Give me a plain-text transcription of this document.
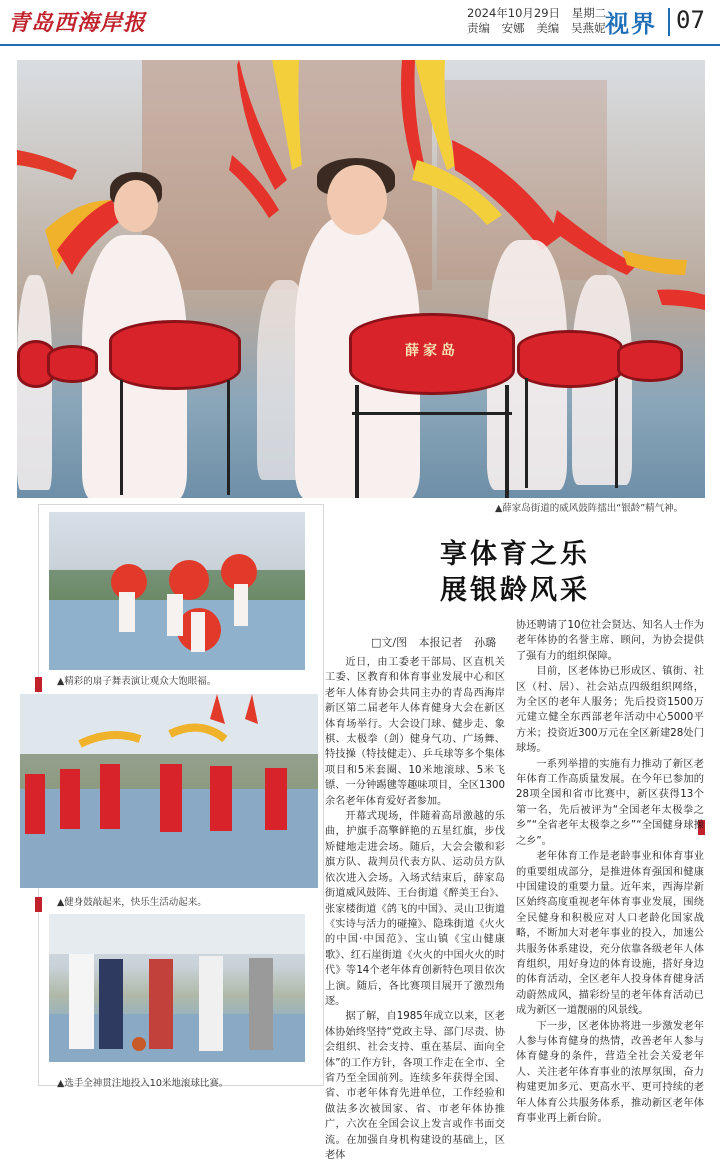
青岛西海岸报	2024年10月29日 星期二
责编 安娜 美编 吴燕妮 视界 07
薛家岛
▲薛家岛街道的威风鼓阵擂出“银龄”精气神。
▲精彩的扇子舞表演让观众大饱眼福。
▲健身鼓敲起来，快乐生活动起来。
▲选手全神贯注地投入10米地滚球比赛。
享体育之乐
展银龄风采
□文/图 本报记者 孙璐

近日，由工委老干部局、区直机关工委、区教育和体育事业发展中心和区老年人体育协会共同主办的青岛西海岸新区第二届老年人体育健身大会在新区体育场举行。大会设门球、健步走、象棋、太极拳（剑）健身气功、广场舞、特技操（特技健走）、乒乓球等多个集体项目和5米套圈、10米地滚球、5米飞镖、一分钟踢毽等趣味项目，全区1300余名老年体育爱好者参加。

开幕式现场，伴随着高昂激越的乐曲，护旗手高擎鲜艳的五星红旗，步伐矫健地走进会场。随后，大会会徽和彩旗方队、裁判员代表方队、运动员方队依次进入会场。入场式结束后，薛家岛街道威风鼓阵、王台街道《醉美王台》、张家楼街道《鸽飞的中国》、灵山卫街道《实诗与活力的碰撞》、隐珠街道《火火的中国·中国范》、宝山镇《宝山健康歌》、红石崖街道《火火的中国火火的时代》等14个老年体育创新特色项目依次上演。随后，各比赛项目展开了激烈角逐。

据了解，自1985年成立以来，区老体协始终坚持“党政主导、部门尽责、协会组织、社会支持、重在基层、面向全体”的工作方针，各项工作走在全市、全省乃至全国前列。连续多年获得全国、省、市老年体育先进单位，工作经验和做法多次被国家、省、市老年体协推广，六次在全国会议上发言或作书面交流。在加强自身机构建设的基础上，区老体

协还聘请了10位社会贤达、知名人士作为老年体协的名誉主席、顾问，为协会提供了强有力的组织保障。

目前，区老体协已形成区、镇街、社区（村、居）、社会站点四级组织网络，为全区的老年人服务；先后投资1500万元建立健全东西部老年活动中心5000平方米；投资近300万元在全区新建28处门球场。

一系列举措的实施有力推动了新区老年体育工作高质量发展。在今年已参加的28项全国和省市比赛中，新区获得13个第一名，先后被评为“全国老年太极拳之乡”“全省老年太极拳之乡”“全国健身球操之乡”。

老年体育工作是老龄事业和体育事业的重要组成部分，是推进体育强国和健康中国建设的重要力量。近年来，西海岸新区始终高度重视老年体育事业发展，围绕全民健身和积极应对人口老龄化国家战略，不断加大对老年事业的投入，加速公共服务体系建设，充分依靠各级老年人体育组织，用好身边的体育设施，搭好身边的体育活动，全区老年人投身体育健身活动蔚然成风，描彩纷呈的老年体育活动已成为新区一道靓丽的风景线。

下一步，区老体协将进一步激发老年人参与体育健身的热情，改善老年人参与体育健身的条件，营造全社会关爱老年人、关注老年体育事业的浓厚氛围，奋力构建更加多元、更高水平、更可持续的老年人体育公共服务体系，推动新区老年体育事业再上新台阶。
